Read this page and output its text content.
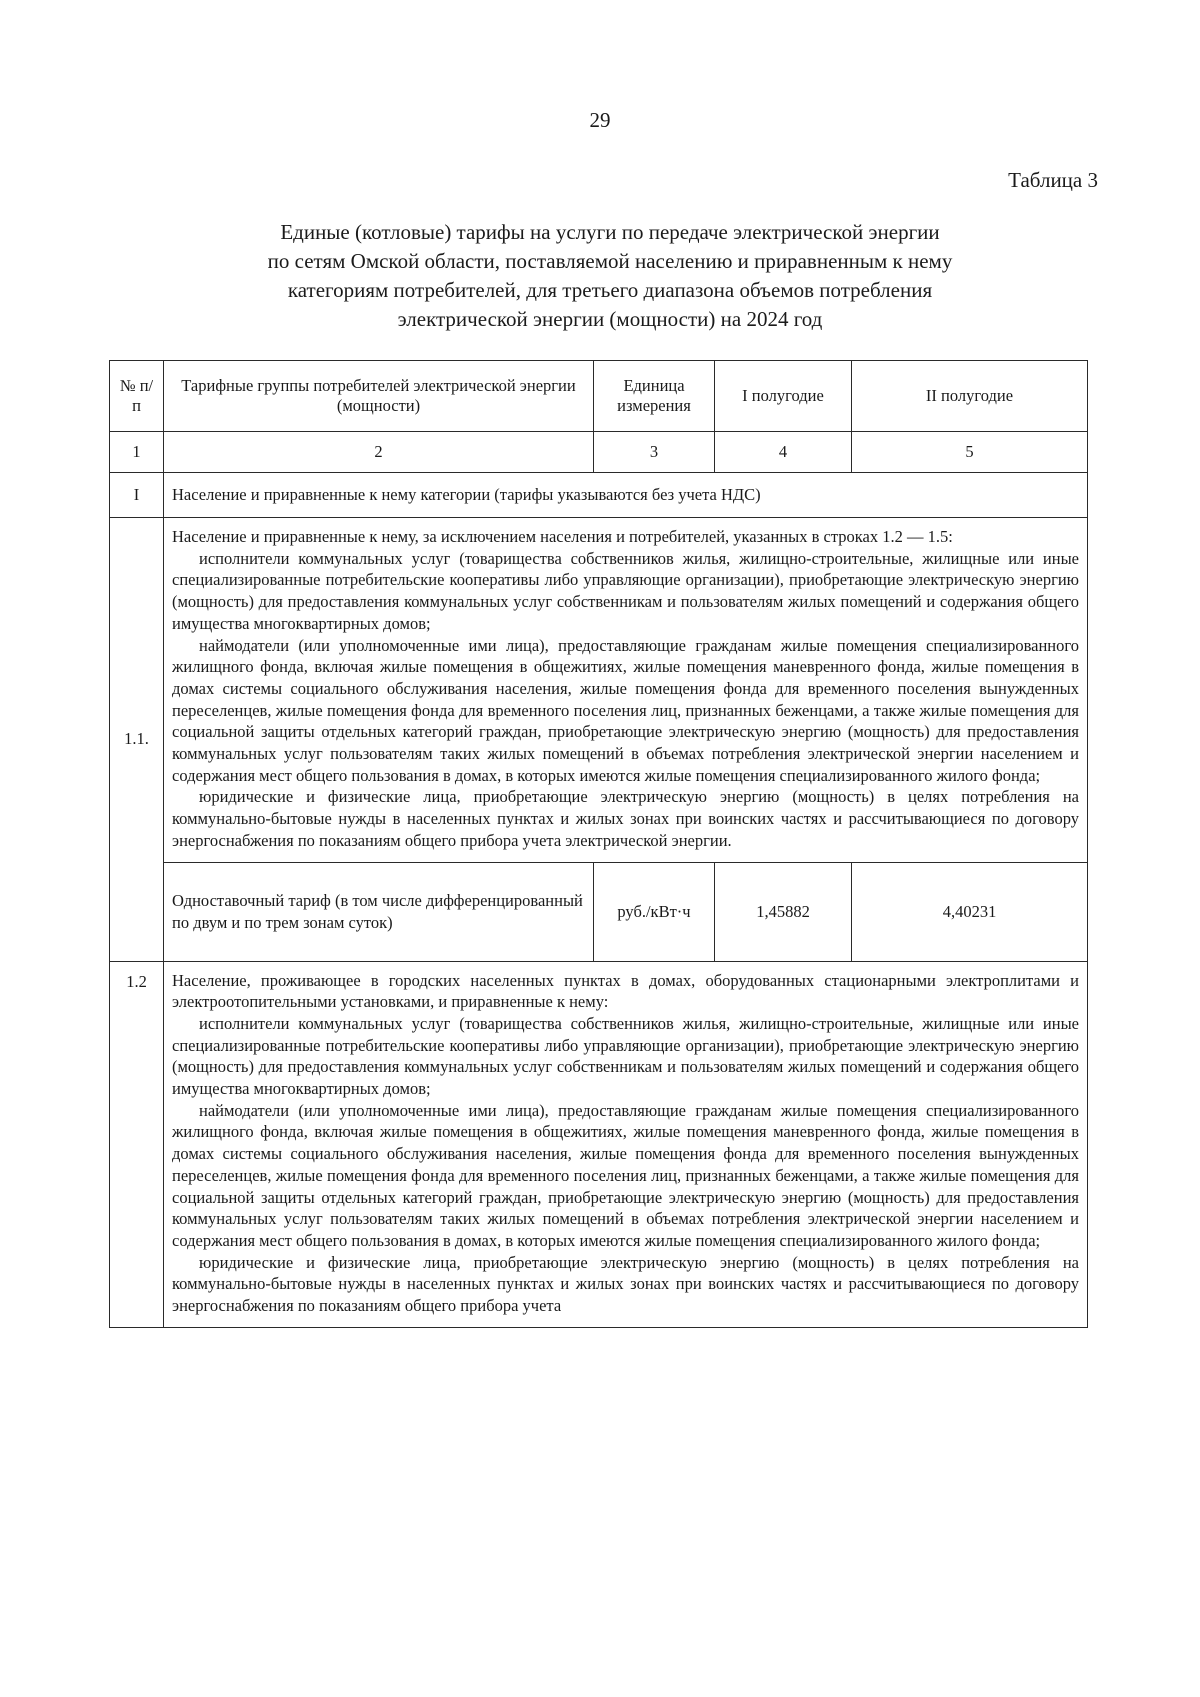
29
Таблица 3
Единые (котловые) тарифы на услуги по передаче электрической энергии
по сетям Омской области, поставляемой населению и приравненным к нему
категориям потребителей, для третьего диапазона объемов потребления
электрической энергии (мощности) на 2024 год
№ п/п	Тарифные группы потребителей электрической энергии (мощности)	Единица измерения	I полугодие	II полугодие
1	2	3	4	5
I	Население и приравненные к нему категории (тарифы указываются без учета НДС)			
1.1.	Население и приравненные к нему, за исключением населения и потребителей, указанных в строках 1.2 — 1.5:

исполнители коммунальных услуг (товарищества собственников жилья, жилищно-строительные, жилищные или иные специализированные потребительские кооперативы либо управляющие организации), приобретающие электрическую энергию (мощность) для предоставления коммунальных услуг собственникам и пользователям жилых помещений и содержания общего имущества многоквартирных домов;

наймодатели (или уполномоченные ими лица), предоставляющие гражданам жилые помещения специализированного жилищного фонда, включая жилые помещения в общежитиях, жилые помещения маневренного фонда, жилые помещения в домах системы социального обслуживания населения, жилые помещения фонда для временного поселения вынужденных переселенцев, жилые помещения фонда для временного поселения лиц, признанных беженцами, а также жилые помещения для социальной защиты отдельных категорий граждан, приобретающие электрическую энергию (мощность) для предоставления коммунальных услуг пользователям таких жилых помещений в объемах потребления электрической энергии населением и содержания мест общего пользования в домах, в которых имеются жилые помещения специализированного жилого фонда;

юридические и физические лица, приобретающие электрическую энергию (мощность) в целях потребления на коммунально-бытовые нужды в населенных пунктах и жилых зонах при воинских частях и рассчитывающиеся по договору энергоснабжения по показаниям общего прибора учета электрической энергии.			

	Одноставочный тариф (в том числе дифференцированный по двум и по трем зонам суток)	руб./кВт·ч	1,45882	4,40231
1.2	Население, проживающее в городских населенных пунктах в домах, оборудованных стационарными электроплитами и электроотопительными установками, и приравненные к нему:

исполнители коммунальных услуг (товарищества собственников жилья, жилищно-строительные, жилищные или иные специализированные потребительские кооперативы либо управляющие организации), приобретающие электрическую энергию (мощность) для предоставления коммунальных услуг собственникам и пользователям жилых помещений и содержания общего имущества многоквартирных домов;

наймодатели (или уполномоченные ими лица), предоставляющие гражданам жилые помещения специализированного жилищного фонда, включая жилые помещения в общежитиях, жилые помещения маневренного фонда, жилые помещения в домах системы социального обслуживания населения, жилые помещения фонда для временного поселения вынужденных переселенцев, жилые помещения фонда для временного поселения лиц, признанных беженцами, а также жилые помещения для социальной защиты отдельных категорий граждан, приобретающие электрическую энергию (мощность) для предоставления коммунальных услуг пользователям таких жилых помещений в объемах потребления электрической энергии населением и содержания мест общего пользования в домах, в которых имеются жилые помещения специализированного жилого фонда;

юридические и физические лица, приобретающие электрическую энергию (мощность) в целях потребления на коммунально-бытовые нужды в населенных пунктах и жилых зонах при воинских частях и рассчитывающиеся по договору энергоснабжения по показаниям общего прибора учета			
